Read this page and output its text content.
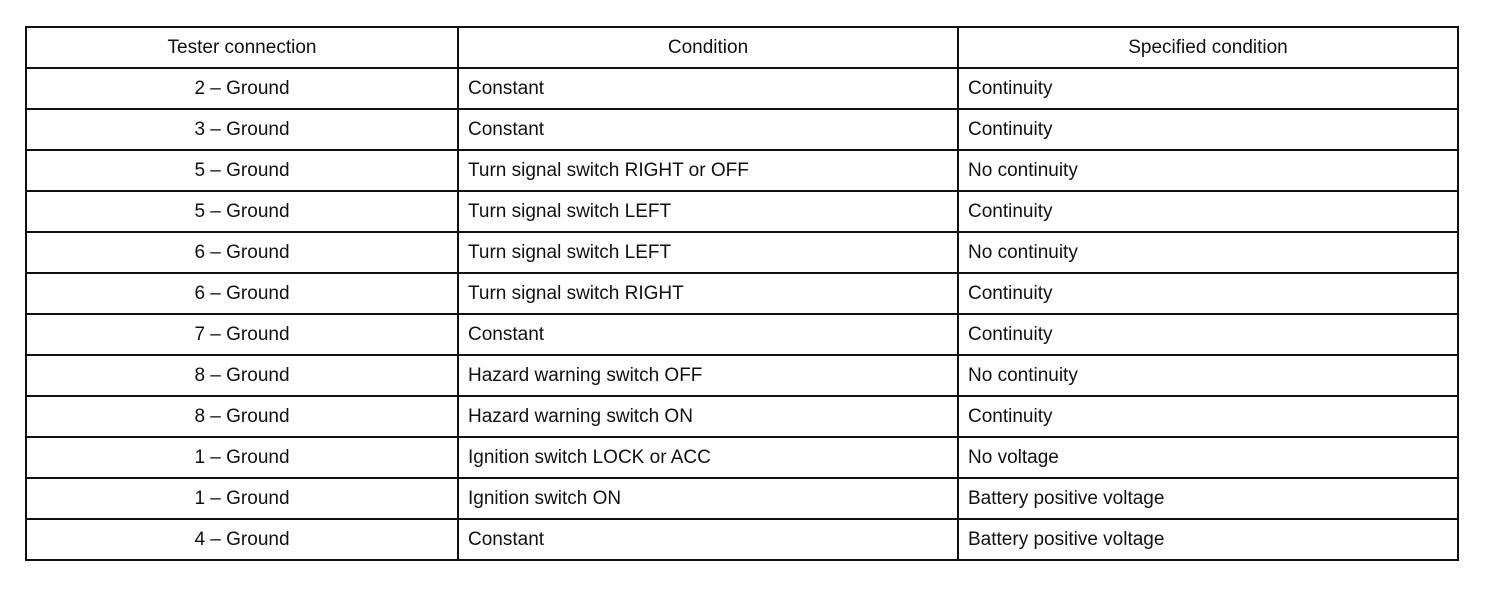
Tester connection	Condition	Specified condition
2 – Ground	Constant	Continuity
3 – Ground	Constant	Continuity
5 – Ground	Turn signal switch RIGHT or OFF	No continuity
5 – Ground	Turn signal switch LEFT	Continuity
6 – Ground	Turn signal switch LEFT	No continuity
6 – Ground	Turn signal switch RIGHT	Continuity
7 – Ground	Constant	Continuity
8 – Ground	Hazard warning switch OFF	No continuity
8 – Ground	Hazard warning switch ON	Continuity
1 – Ground	Ignition switch LOCK or ACC	No voltage
1 – Ground	Ignition switch ON	Battery positive voltage
4 – Ground	Constant	Battery positive voltage
